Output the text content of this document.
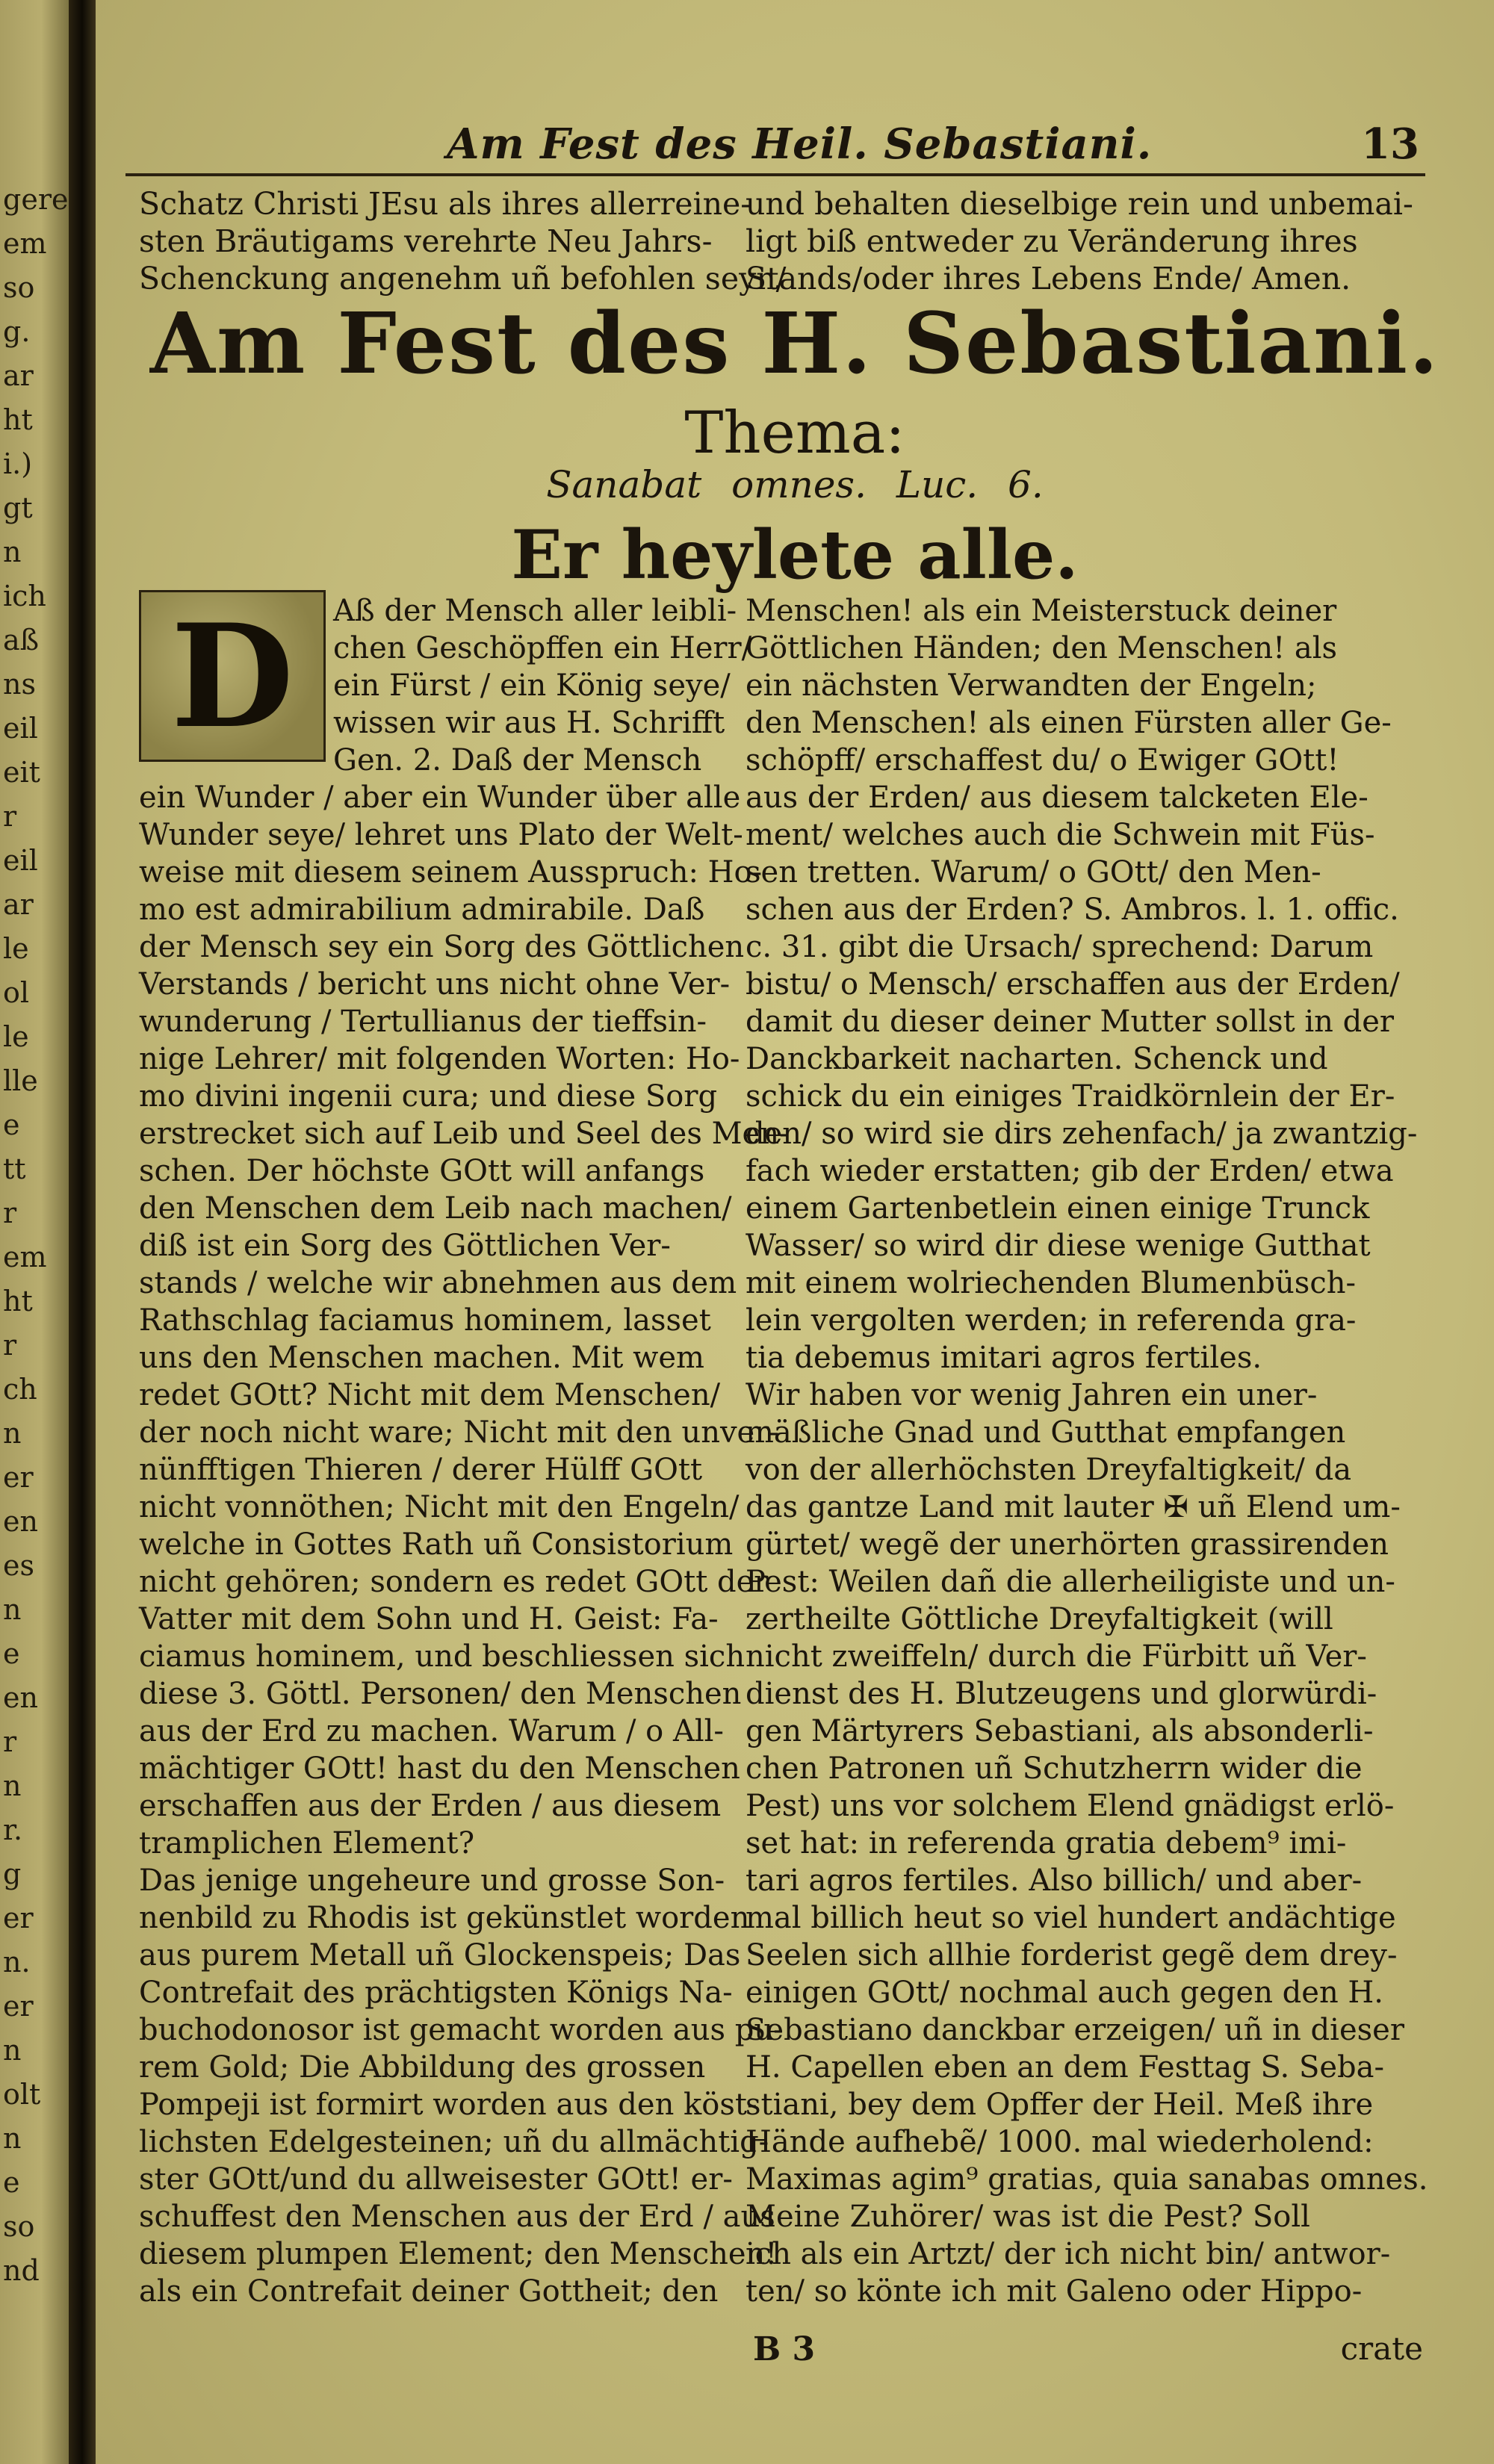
gere
em
so
g.
ar
ht
i.)
gt
n
ich
aß
ns
eil
eit
r
eil
ar
le
ol
le
lle
e
tt
r
em
ht
r
ch
n
er
en
es
n
e
en
r
n
r.
g
er
n.
er
n
olt
n
e
so
nd
Am Fest des Heil. Sebastiani.	13
Schatz Christi JEsu als ihres allerreine-
sten Bräutigams verehrte Neu Jahrs-
Schenckung angenehm uñ befohlen seyn/
und behalten dieselbige rein und unbemai-
ligt biß entweder zu Veränderung ihres
Stands/oder ihres Lebens Ende/ Amen.
Am Fest des H. Sebastiani.
Thema:
Sanabat omnes. Luc. 6.
Er heylete alle.
D	Aß der Mensch aller leibli-
chen Geschöpffen ein Herr/
ein Fürst / ein König seye/
wissen wir aus H. Schrifft
Gen. 2. Daß der Mensch
ein Wunder / aber ein Wunder über alle
Wunder seye/ lehret uns Plato der Welt-
weise mit diesem seinem Ausspruch: Ho-
mo est admirabilium admirabile. Daß
der Mensch sey ein Sorg des Göttlichen
Verstands / bericht uns nicht ohne Ver-
wunderung / Tertullianus der tieffsin-
nige Lehrer/ mit folgenden Worten: Ho-
mo divini ingenii cura; und diese Sorg
erstrecket sich auf Leib und Seel des Men-
schen. Der höchste GOtt will anfangs
den Menschen dem Leib nach machen/
diß ist ein Sorg des Göttlichen Ver-
stands / welche wir abnehmen aus dem
Rathschlag faciamus hominem, lasset
uns den Menschen machen. Mit wem
redet GOtt? Nicht mit dem Menschen/
der noch nicht ware; Nicht mit den unver-
nünfftigen Thieren / derer Hülff GOtt
nicht vonnöthen; Nicht mit den Engeln/
welche in Gottes Rath uñ Consistorium
nicht gehören; sondern es redet GOtt der
Vatter mit dem Sohn und H. Geist: Fa-
ciamus hominem, und beschliessen sich
diese 3. Göttl. Personen/ den Menschen
aus der Erd zu machen. Warum / o All-
mächtiger GOtt! hast du den Menschen
erschaffen aus der Erden / aus diesem
tramplichen Element?
Das jenige ungeheure und grosse Son-
nenbild zu Rhodis ist gekünstlet worden
aus purem Metall uñ Glockenspeis; Das
Contrefait des prächtigsten Königs Na-
buchodonosor ist gemacht worden aus pu-
rem Gold; Die Abbildung des grossen
Pompeji ist formirt worden aus den köst-
lichsten Edelgesteinen; uñ du allmächtig-
ster GOtt/und du allweisester GOtt! er-
schuffest den Menschen aus der Erd / aus
diesem plumpen Element; den Menschen!
als ein Contrefait deiner Gottheit; den
Menschen! als ein Meisterstuck deiner
Göttlichen Händen; den Menschen! als
ein nächsten Verwandten der Engeln;
den Menschen! als einen Fürsten aller Ge-
schöpff/ erschaffest du/ o Ewiger GOtt!
aus der Erden/ aus diesem talcketen Ele-
ment/ welches auch die Schwein mit Füs-
sen tretten. Warum/ o GOtt/ den Men-
schen aus der Erden? S. Ambros. l. 1. offic.
c. 31. gibt die Ursach/ sprechend: Darum
bistu/ o Mensch/ erschaffen aus der Erden/
damit du dieser deiner Mutter sollst in der
Danckbarkeit nacharten. Schenck und
schick du ein einiges Traidkörnlein der Er-
den/ so wird sie dirs zehenfach/ ja zwantzig-
fach wieder erstatten; gib der Erden/ etwa
einem Gartenbetlein einen einige Trunck
Wasser/ so wird dir diese wenige Gutthat
mit einem wolriechenden Blumenbüsch-
lein vergolten werden; in referenda gra-
tia debemus imitari agros fertiles.
Wir haben vor wenig Jahren ein uner-
mäßliche Gnad und Gutthat empfangen
von der allerhöchsten Dreyfaltigkeit/ da
das gantze Land mit lauter ✠ uñ Elend um-
gürtet/ wegẽ der unerhörten grassirenden
Pest: Weilen dañ die allerheiligiste und un-
zertheilte Göttliche Dreyfaltigkeit (will
nicht zweiffeln/ durch die Fürbitt uñ Ver-
dienst des H. Blutzeugens und glorwürdi-
gen Märtyrers Sebastiani, als absonderli-
chen Patronen uñ Schutzherrn wider die
Pest) uns vor solchem Elend gnädigst erlö-
set hat: in referenda gratia debem⁹ imi-
tari agros fertiles. Also billich/ und aber-
mal billich heut so viel hundert andächtige
Seelen sich allhie forderist gegẽ dem drey-
einigen GOtt/ nochmal auch gegen den H.
Sebastiano danckbar erzeigen/ uñ in dieser
H. Capellen eben an dem Festtag S. Seba-
stiani, bey dem Opffer der Heil. Meß ihre
Hände aufhebẽ/ 1000. mal wiederholend:
Maximas agim⁹ gratias, quia sanabas omnes.
Meine Zuhörer/ was ist die Pest? Soll
ich als ein Artzt/ der ich nicht bin/ antwor-
ten/ so könte ich mit Galeno oder Hippo-
B 3	crate
